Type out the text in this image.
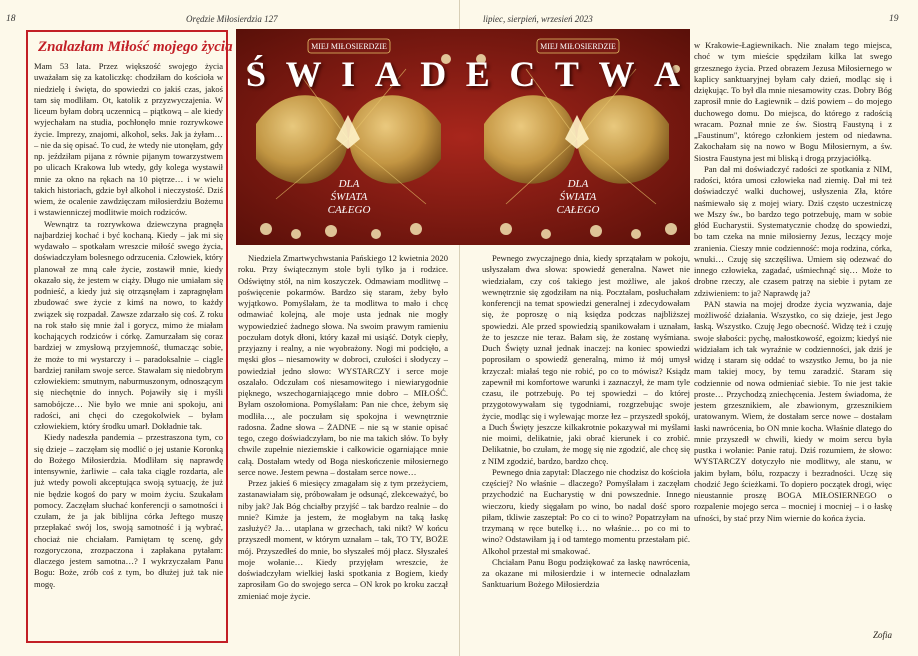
18	Orędzie Miłosierdzia 127
Znalazłam Miłość mojego życia

Mam 53 lata. Przez większość swojego życia uważałam się za katoliczkę: chodziłam do kościoła w niedzielę i święta, do spowiedzi co jakiś czas, jakoś tam się modliłam. Ot, katolik z przyzwyczajenia. W liceum byłam dobrą uczennicą – piątkową – ale kiedy wyjechałam na studia, pochłonęło mnie rozrywkowe życie. Imprezy, znajomi, alkohol, seks. Jak ja żyłam… – nie da się opisać. To cud, że wtedy nie utonęłam, gdy np. jeździłam pijana z równie pijanym towarzystwem po ulicach Krakowa lub wtedy, gdy kolega wystawił mnie za okno na rękach na 10 piętrze… i w wielu takich historiach, gdzie był alkohol i nieczystość. Dziś wiem, że ocalenie zawdzięczam miłosierdziu Bożemu i wstawienniczej modlitwie moich rodziców.

Wewnątrz ta rozrywkowa dziewczyna pragnęła najbardziej kochać i być kochaną. Kiedy – jak mi się wydawało – spotkałam wreszcie miłość swego życia, doświadczyłam bolesnego odrzucenia. Człowiek, który planował ze mną całe życie, zostawił mnie, kiedy okazało się, że jestem w ciąży. Długo nie umiałam się podnieść, a kiedy już się otrząsnęłam i zapragnęłam zbudować swe życie z kimś na nowo, to każdy związek się rozpadał. Zawsze zdarzało się coś. Z roku na rok stało się mnie żal i gorycz, mimo że miałam kochających rodziców i córkę. Zamurzałam się coraz bardziej w zmysłową przyjemność, tłumacząc sobie, że może to mi wystarczy i – paradoksalnie – ciągle bardziej raniłam swoje serce. Stawałam się niedobrym człowiekiem: smutnym, naburmuszonym, odnoszącym się niechętnie do innych. Pojawiły się i myśli samobójcze… Nie było we mnie ani spokoju, ani radości, ani chęci do czegokolwiek – byłam człowiekiem, który środku umarł. Dokładnie tak.

Kiedy nadeszła pandemia – przestraszona tym, co się dzieje – zaczęłam się modlić o jej ustanie Koronką do Bożego Miłosierdzia. Modliłam się naprawdę intensywnie, żarliwie – cała taka ciągle rozdarta, ale już wtedy powoli akceptująca swoją sytuację, że już nie będzie kogoś do pary w moim życiu. Szukałam pomocy. Zaczęłam słuchać konferencji o samotności i czułam, że ja jak biblijna córka Jeftego muszę przepłakać swój los, swoją samotność i ją wybrać, chociaż nie chciałam. Pamiętam tę scenę, gdy rozgoryczona, zrozpaczona i zapłakana pytałam: dlaczego jestem samotna…? I wykrzyczałam Panu Bogu: Boże, zrób coś z tym, bo dłużej już tak nie mogę.

Niedziela Zmartwychwstania Pańskiego 12 kwietnia 2020 roku. Przy świątecznym stole byli tylko ja i rodzice. Odświętny stół, na nim koszyczek. Odmawiam modlitwę – poświęcenie pokarmów. Bardzo się staram, żeby było wyjątkowo. Pomyślałam, że ta modlitwa to mało i chcę odmawiać kolejną, ale moje usta jednak nie mogły wypowiedzieć żadnego słowa. Na swoim prawym ramieniu poczułam dotyk dłoni, który kazał mi usiąść. Dotyk ciepły, przyjazny i realny, a nie wyobrażony. Nogi mi podcięło, a męski głos – niesamowity w dobroci, czułości i słodyczy – powiedział jedno słowo: WYSTARCZY i serce moje oszalało. Odczułam coś niesamowitego i niewiarygodnie pięknego, wszechogarniającego mnie dobro – MIŁOŚĆ. Byłam oszołomiona. Pomyślałam: Pan nie chce, żebym się modliła…, ale poczułam się spokojna i wewnętrznie radosna. Żadne słowa – ŻADNE – nie są w stanie opisać tego, czego doświadczyłam, bo nie ma takich słów. To były chwile zupełnie nieziemskie i całkowicie ogarniające mnie całą. Dostałam wtedy od Boga nieskończenie miłosiernego serce nowe. Jestem pewna – dostałam serce nowe…

Przez jakieś 6 miesięcy zmagałam się z tym przeżyciem, zastanawiałam się, próbowałam je odsunąć, zlekceważyć, bo niby jak? Jak Bóg chciałby przyjść – tak bardzo realnie – do mnie? Kimże ja jestem, że mogłabym na taką łaskę zasłużyć? Ja… utaplana w grzechach, taki nikt? W końcu przyszedł moment, w którym uznałam – tak, TO TY, BOŻE mój. Przyszedłeś do mnie, bo słyszałeś mój płacz. Słyszałeś moje wołanie… Kiedy przyjęłam wreszcie, że doświadczyłam wielkiej łaski spotkania z Bogiem, kiedy zaprosiłam Go do swojego serca – ON krok po kroku zaczął zmieniać moje życie.

lipiec, sierpień, wrzesień 2023	19

Pewnego zwyczajnego dnia, kiedy sprzątałam w pokoju, usłyszałam dwa słowa: spowiedź generalna. Nawet nie wiedziałam, czy coś takiego jest możliwe, ale jakoś wewnętrznie się zgodziłam na nią. Pocztałam, posłuchałam konferencji na temat spowiedzi generalnej i zdecydowałam się, że poproszę o nią księdza podczas najbliższej spowiedzi. Ale przed spowiedzią spanikowałam i uznałam, że to jeszcze nie teraz. Bałam się, że zostanę wyśmiana. Duch Święty uznał jednak inaczej: na koniec spowiedzi poprosiłam o spowiedź generalną, mimo iż mój umysł krzyczał: miałaś tego nie robić, po co to mówisz? Ksiądz zapewnił mi komfortowe warunki i zaznaczył, że mam tyle czasu, ile potrzebuję. Po tej spowiedzi – do której przygotowywałam się tygodniami, rozgrzebując swoje życie, modląc się i wylewając morze łez – przyszedł spokój, a Duch Święty jeszcze kilkakrotnie pokazywał mi myślami nie moimi, delikatnie, jaki obrać kierunek i co zrobić. Delikatnie, bo czułam, że mogę się nie zgodzić, ale chcę się z NIM zgodzić, bardzo, bardzo chcę.

Pewnego dnia zapytał: Dlaczego nie chodzisz do kościoła częściej? No właśnie – dlaczego? Pomyślałam i zaczęłam przychodzić na Eucharystię w dni powszednie. Innego wieczoru, kiedy sięgałam po wino, bo nadal dość sporo piłam, tkliwie zaszeptał: Po co ci to wino? Popatrzyłam na trzymaną w ręce butelkę i… no właśnie… po co mi to wino? Odstawiłam ją i od tamtego momentu przestałam pić. Alkohol przestał mi smakować.

Chciałam Panu Bogu podziękować za łaskę nawrócenia, za okazane mi miłosierdzie i w internecie odnalazłam Sanktuarium Bożego Miłosierdzia

w Krakowie-Łagiewnikach. Nie znałam tego miejsca, choć w tym mieście spędziłam kilka lat swego grzesznego życia. Przed obrazem Jezusa Miłosiernego w kaplicy sanktuaryjnej byłam cały dzień, modląc się i dziękując. To był dla mnie niesamowity czas. Dobry Bóg zaprosił mnie do Łagiewnik – dziś powiem – do mojego duchowego domu. Do miejsca, do którego z radością wracam. Poznał mnie ze św. Siostrą Faustyną i z „Faustinum", którego członkiem jestem od niedawna. Zakochałam się na nowo w Bogu Miłosiernym, a św. Siostra Faustyna jest mi bliską i drogą przyjaciółką.

Pan dał mi doświadczyć radości ze spotkania z NIM, radości, która umosi człowieka nad ziemię. Dał mi też doświadczyć walki duchowej, usłyszenia Zła, które naśmiewało się z mojej wiary. Dziś często uczestniczę we Mszy św., bo bardzo tego potrzebuję, mam w sobie głód Eucharystii. Systematycznie chodzę do spowiedzi, bo tam czeka na mnie miłosierny Jezus, leczący moje zranienia. Cieszy mnie codzienność: moja rodzina, córka, wnuki… Czuję się szczęśliwa. Umiem się odezwać do innego człowieka, zagadać, uśmiechnąć się… Może to drobne rzeczy, ale czasem patrzę na siebie i pytam ze zdziwieniem: to ja? Naprawdę ja?

PAN stawia na mojej drodze życia wyzwania, daje możliwość działania. Wszystko, co się dzieje, jest Jego łaską. Wszystko. Czuję Jego obecność. Widzę też i czuję swoje słabości: pychę, małostkowość, egoizm; kiedyś nie widziałam ich tak wyraźnie w codzienności, jak dziś je widzę i staram się oddać to wszystko Jemu, bo ja nie mam takiej mocy, by temu zaradzić. Staram się codziennie od nowa odmieniać siebie. To nie jest takie proste… Przychodzą zniechęcenia. Jestem świadoma, że jestem grzesznikiem, ale zbawionym, grzesznikiem uratowanym. Wiem, że dostałam serce nowe – dostałam łaski nawrócenia, bo ON mnie kocha. Właśnie dlatego do mnie przyszedł w chwili, kiedy w moim sercu była pustka i wołanie: Panie ratuj. Dziś rozumiem, że słowo: WYSTARCZY dotyczyło nie modlitwy, ale stanu, w jakim byłam, bólu, rozpaczy i bezradności. Uczę się chodzić Jego ścieżkami. To dopiero początek drogi, więc nieustannie proszę BOGA MIŁOSIERNEGO o rozpalenie mojego serca – mocniej i mocniej – i o łaskę ufności, by stać przy Nim wiernie do końca życia.

Zofia
MIEJ MIŁOSIERDZIE	MIEJ MIŁOSIERDZIE
DLA
ŚWIATA
CAŁEGO
DLA
ŚWIATA
CAŁEGO
Ś W I A D E C T W A
